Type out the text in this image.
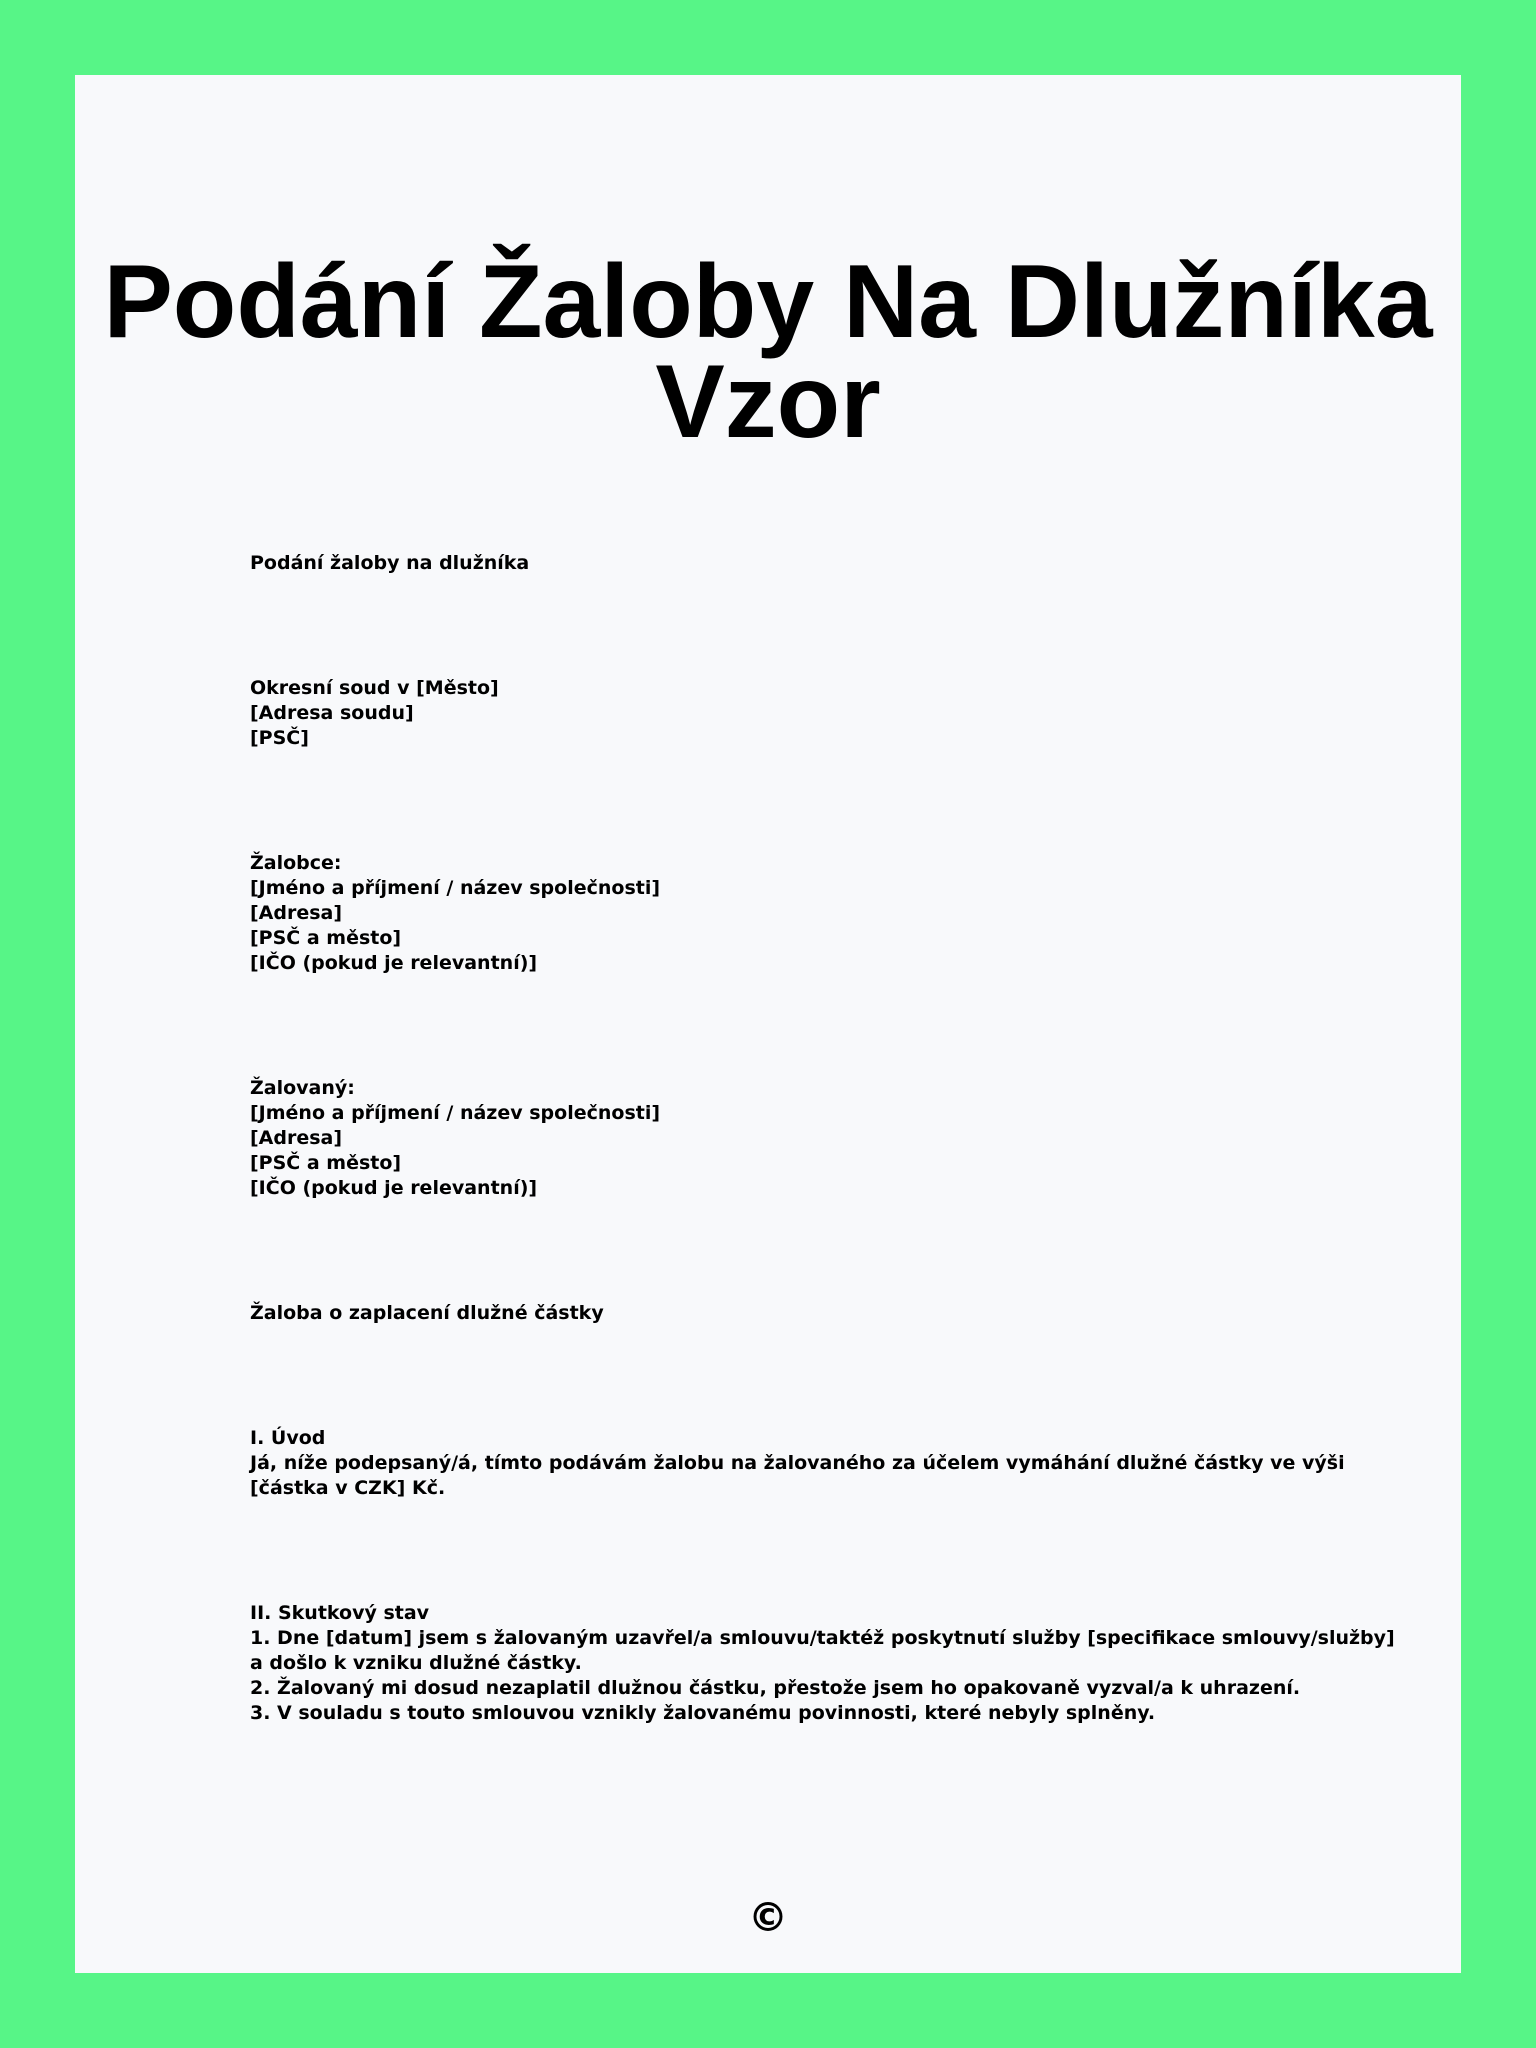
Podání Žaloby Na Dlužníka
Vzor
Podání žaloby na dlužníka
Okresní soud v [Město]
[Adresa soudu]
[PSČ]
Žalobce:
[Jméno a příjmení / název společnosti]
[Adresa]
[PSČ a město]
[IČO (pokud je relevantní)]
Žalovaný:
[Jméno a příjmení / název společnosti]
[Adresa]
[PSČ a město]
[IČO (pokud je relevantní)]
Žaloba o zaplacení dlužné částky
I. Úvod
Já, níže podepsaný/á, tímto podávám žalobu na žalovaného za účelem vymáhání dlužné částky ve výši
[částka v CZK] Kč.
II. Skutkový stav
1. Dne [datum] jsem s žalovaným uzavřel/a smlouvu/taktéž poskytnutí služby [specifikace smlouvy/služby]
a došlo k vzniku dlužné částky.
2. Žalovaný mi dosud nezaplatil dlužnou částku, přestože jsem ho opakovaně vyzval/a k uhrazení.
3. V souladu s touto smlouvou vznikly žalovanému povinnosti, které nebyly splněny.
©
